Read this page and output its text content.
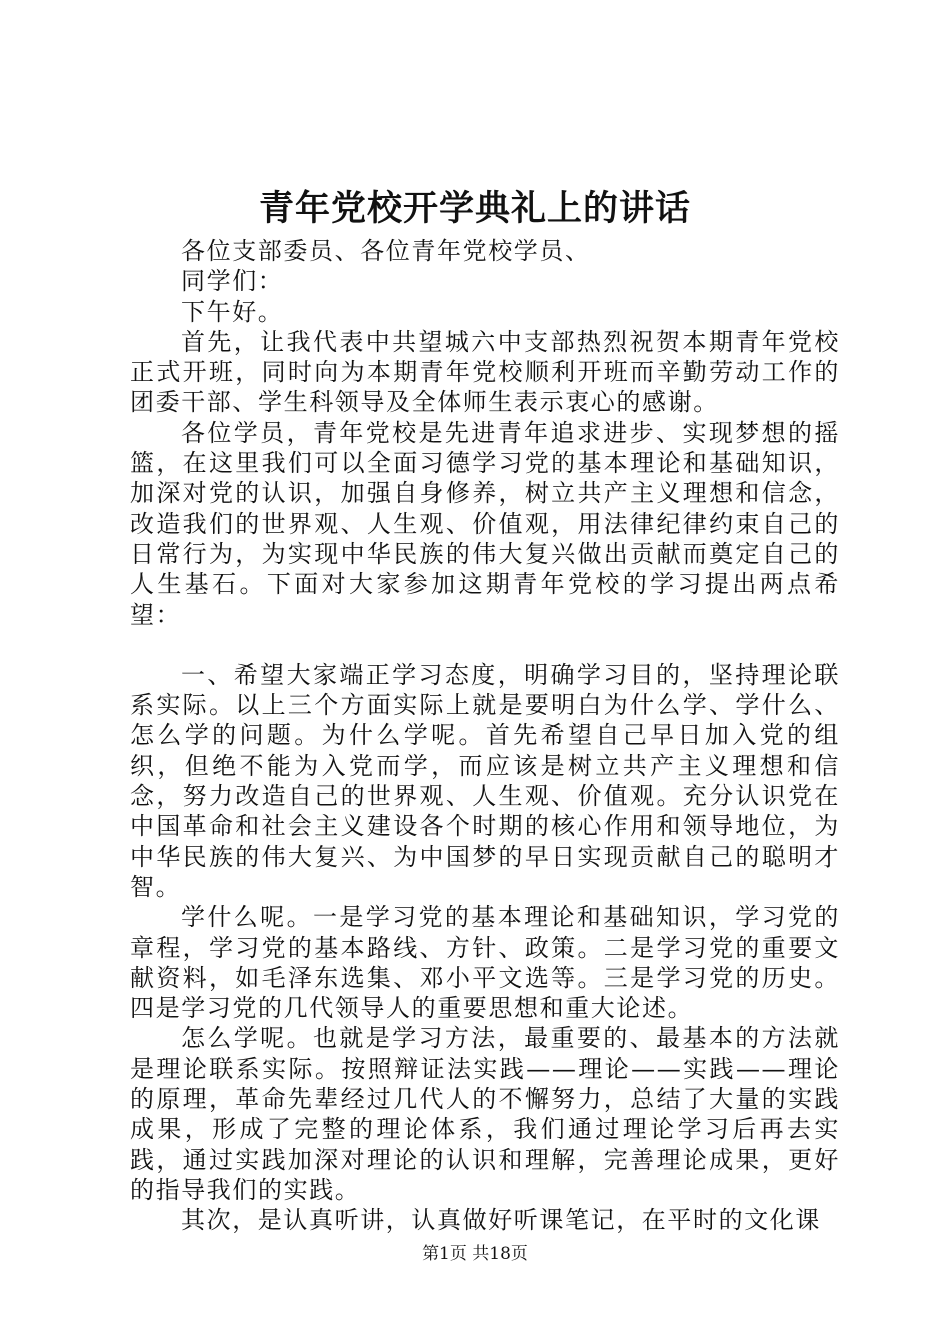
青年党校开学典礼上的讲话

各位支部委员、各位青年党校学员、

同学们：

下午好。

首先，让我代表中共望城六中支部热烈祝贺本期青年党校正式开班，同时向为本期青年党校顺利开班而辛勤劳动工作的团委干部、学生科领导及全体师生表示衷心的感谢。

各位学员，青年党校是先进青年追求进步、实现梦想的摇篮，在这里我们可以全面习德学习党的基本理论和基础知识，加深对党的认识，加强自身修养，树立共产主义理想和信念，改造我们的世界观、人生观、价值观，用法律纪律约束自己的日常行为，为实现中华民族的伟大复兴做出贡献而奠定自己的人生基石。下面对大家参加这期青年党校的学习提出两点希望：

一、希望大家端正学习态度，明确学习目的，坚持理论联系实际。以上三个方面实际上就是要明白为什么学、学什么、怎么学的问题。为什么学呢。首先希望自己早日加入党的组织，但绝不能为入党而学，而应该是树立共产主义理想和信念，努力改造自己的世界观、人生观、价值观。充分认识党在中国革命和社会主义建设各个时期的核心作用和领导地位，为中华民族的伟大复兴、为中国梦的早日实现贡献自己的聪明才智。

学什么呢。一是学习党的基本理论和基础知识，学习党的章程，学习党的基本路线、方针、政策。二是学习党的重要文献资料，如毛泽东选集、邓小平文选等。三是学习党的历史。四是学习党的几代领导人的重要思想和重大论述。

怎么学呢。也就是学习方法，最重要的、最基本的方法就是理论联系实际。按照辩证法实践——理论——实践——理论的原理，革命先辈经过几代人的不懈努力，总结了大量的实践成果，形成了完整的理论体系，我们通过理论学习后再去实践，通过实践加深对理论的认识和理解，完善理论成果，更好的指导我们的实践。

其次，是认真听讲，认真做好听课笔记，在平时的文化课

第1页 共18页
